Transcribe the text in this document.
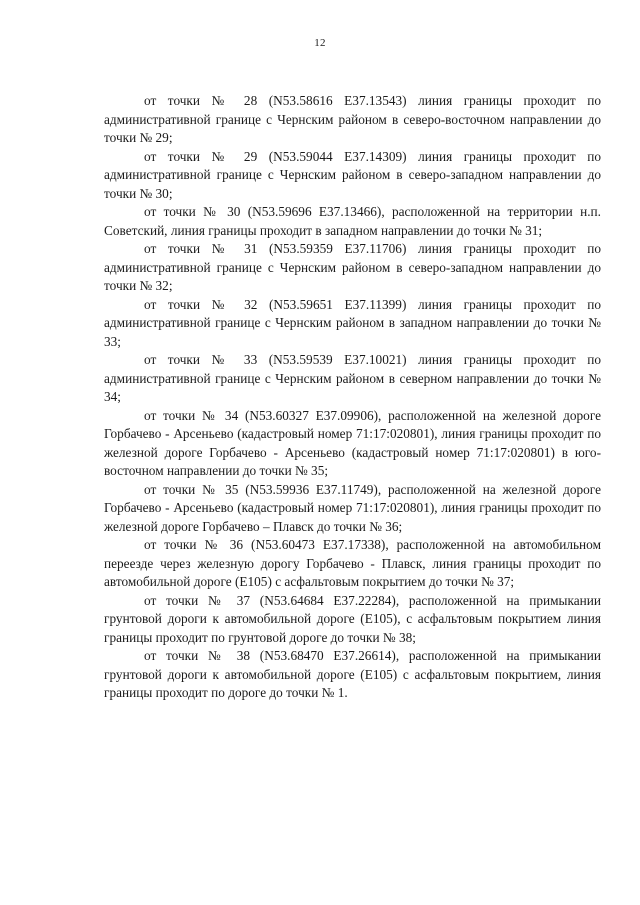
12

от точки № 28 (N53.58616 E37.13543) линия границы проходит по административной границе с Чернским районом в северо-восточном направлении до точки № 29;

от точки № 29 (N53.59044 E37.14309) линия границы проходит по административной границе с Чернским районом в северо-западном направлении до точки № 30;

от точки № 30 (N53.59696 E37.13466), расположенной на территории н.п. Советский, линия границы проходит в западном направлении до точки № 31;

от точки № 31 (N53.59359 E37.11706) линия границы проходит по административной границе с Чернским районом в северо-западном направлении до точки № 32;

от точки № 32 (N53.59651 E37.11399) линия границы проходит по административной границе с Чернским районом в западном направлении до точки № 33;

от точки № 33 (N53.59539 E37.10021) линия границы проходит по административной границе с Чернским районом в северном направлении до точки № 34;

от точки № 34 (N53.60327 E37.09906), расположенной на железной дороге Горбачево - Арсеньево (кадастровый номер 71:17:020801), линия границы проходит по железной дороге Горбачево - Арсеньево (кадастровый номер 71:17:020801) в юго-восточном направлении до точки № 35;

от точки № 35 (N53.59936 E37.11749), расположенной на железной дороге Горбачево - Арсеньево (кадастровый номер 71:17:020801), линия границы проходит по железной дороге Горбачево – Плавск до точки № 36;

от точки № 36 (N53.60473 E37.17338), расположенной на автомобильном переезде через железную дорогу Горбачево - Плавск, линия границы проходит по автомобильной дороге (Е105) с асфальтовым покрытием до точки № 37;

от точки № 37 (N53.64684 E37.22284), расположенной на примыкании грунтовой дороги к автомобильной дороге (Е105), с асфальтовым покрытием линия границы проходит по грунтовой дороге до точки № 38;

от точки № 38 (N53.68470 E37.26614), расположенной на примыкании грунтовой дороги к автомобильной дороге (Е105) с асфальтовым покрытием, линия границы проходит по дороге до точки № 1.
